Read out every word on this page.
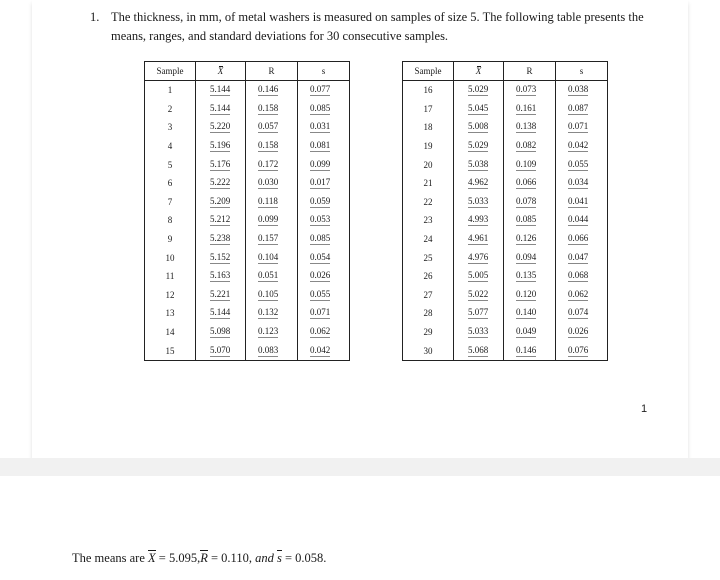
1. The thickness, in mm, of metal washers is measured on samples of size 5. The following table presents the means, ranges, and standard deviations for 30 consecutive samples.
Sample	X	R	s
1	5.144	0.146	0.077
2	5.144	0.158	0.085
3	5.220	0.057	0.031
4	5.196	0.158	0.081
5	5.176	0.172	0.099
6	5.222	0.030	0.017
7	5.209	0.118	0.059
8	5.212	0.099	0.053
9	5.238	0.157	0.085
10	5.152	0.104	0.054
11	5.163	0.051	0.026
12	5.221	0.105	0.055
13	5.144	0.132	0.071
14	5.098	0.123	0.062
15	5.070	0.083	0.042
Sample	X	R	s
16	5.029	0.073	0.038
17	5.045	0.161	0.087
18	5.008	0.138	0.071
19	5.029	0.082	0.042
20	5.038	0.109	0.055
21	4.962	0.066	0.034
22	5.033	0.078	0.041
23	4.993	0.085	0.044
24	4.961	0.126	0.066
25	4.976	0.094	0.047
26	5.005	0.135	0.068
27	5.022	0.120	0.062
28	5.077	0.140	0.074
29	5.033	0.049	0.026
30	5.068	0.146	0.076
1
The means are X = 5.095,R = 0.110, and s = 0.058.
